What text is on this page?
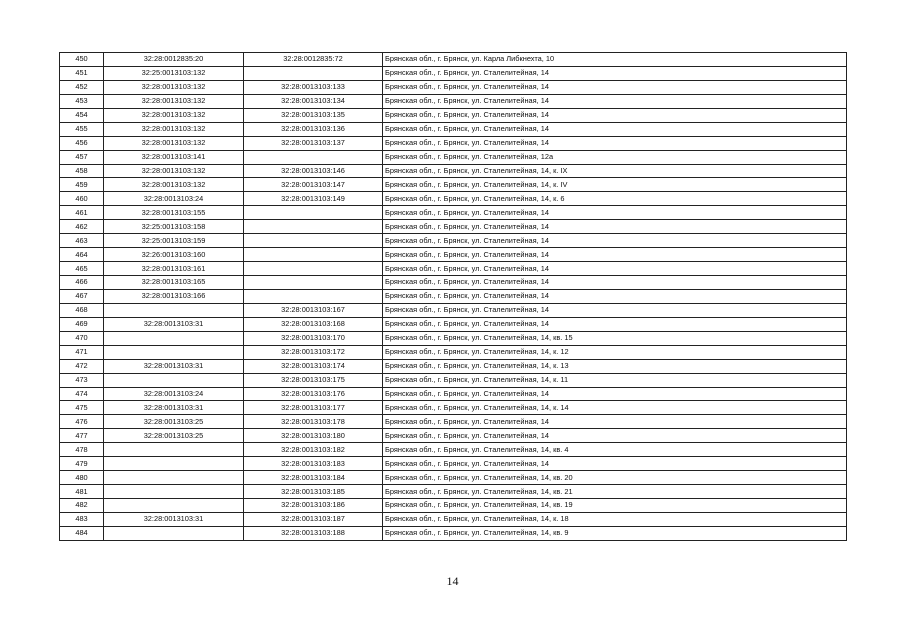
450	32:28:0012835:20	32:28:0012835:72	Брянская обл., г. Брянск, ул. Карла Либкнехта, 10
451	32:25:0013103:132		Брянская обл., г. Брянск, ул. Сталелитейная, 14
452	32:28:0013103:132	32:28:0013103:133	Брянская обл., г. Брянск, ул. Сталелитейная, 14
453	32:28:0013103:132	32:28:0013103:134	Брянская обл., г. Брянск, ул. Сталелитейная, 14
454	32:28:0013103:132	32:28:0013103:135	Брянская обл., г. Брянск, ул. Сталелитейная, 14
455	32:28:0013103:132	32:28:0013103:136	Брянская обл., г. Брянск, ул. Сталелитейная, 14
456	32:28:0013103:132	32:28:0013103:137	Брянская обл., г. Брянск, ул. Сталелитейная, 14
457	32:28:0013103:141		Брянская обл., г. Брянск, ул. Сталелитейная, 12а
458	32:28:0013103:132	32:28:0013103:146	Брянская обл., г. Брянск, ул. Сталелитейная, 14, к. IX
459	32:28:0013103:132	32:28:0013103:147	Брянская обл., г. Брянск, ул. Сталелитейная, 14, к. IV
460	32:28:0013103:24	32:28:0013103:149	Брянская обл., г. Брянск, ул. Сталелитейная, 14, к. 6
461	32:28:0013103:155		Брянская обл., г. Брянск, ул. Сталелитейная, 14
462	32:25:0013103:158		Брянская обл., г. Брянск, ул. Сталелитейная, 14
463	32:25:0013103:159		Брянская обл., г. Брянск, ул. Сталелитейная, 14
464	32:26:0013103:160		Брянская обл., г. Брянск, ул. Сталелитейная, 14
465	32:28:0013103:161		Брянская обл., г. Брянск, ул. Сталелитейная, 14
466	32:28:0013103:165		Брянская обл., г. Брянск, ул. Сталелитейная, 14
467	32:28:0013103:166		Брянская обл., г. Брянск, ул. Сталелитейная, 14
468		32:28:0013103:167	Брянская обл., г. Брянск, ул. Сталелитейная, 14
469	32:28:0013103:31	32:28:0013103:168	Брянская обл., г. Брянск, ул. Сталелитейная, 14
470		32:28:0013103:170	Брянская обл., г. Брянск, ул. Сталелитейная, 14, кв. 15
471		32:28:0013103:172	Брянская обл., г. Брянск, ул. Сталелитейная, 14, к. 12
472	32:28:0013103:31	32:28:0013103:174	Брянская обл., г. Брянск, ул. Сталелитейная, 14, к. 13
473		32:28:0013103:175	Брянская обл., г. Брянск, ул. Сталелитейная, 14, к. 11
474	32:28:0013103:24	32:28:0013103:176	Брянская обл., г. Брянск, ул. Сталелитейная, 14
475	32:28:0013103:31	32:28:0013103:177	Брянская обл., г. Брянск, ул. Сталелитейная, 14, к. 14
476	32:28:0013103:25	32:28:0013103:178	Брянская обл., г. Брянск, ул. Сталелитейная, 14
477	32:28:0013103:25	32:28:0013103:180	Брянская обл., г. Брянск, ул. Сталелитейная, 14
478		32:28:0013103:182	Брянская обл., г. Брянск, ул. Сталелитейная, 14, кв. 4
479		32:28:0013103:183	Брянская обл., г. Брянск, ул. Сталелитейная, 14
480		32:28:0013103:184	Брянская обл., г. Брянск, ул. Сталелитейная, 14, кв. 20
481		32:28:0013103:185	Брянская обл., г. Брянск, ул. Сталелитейная, 14, кв. 21
482		32:28:0013103:186	Брянская обл., г. Брянск, ул. Сталелитейная, 14, кв. 19
483	32:28:0013103:31	32:28:0013103:187	Брянская обл., г. Брянск, ул. Сталелитейная, 14, к. 18
484		32:28:0013103:188	Брянская обл., г. Брянск, ул. Сталелитейная, 14, кв. 9
14
